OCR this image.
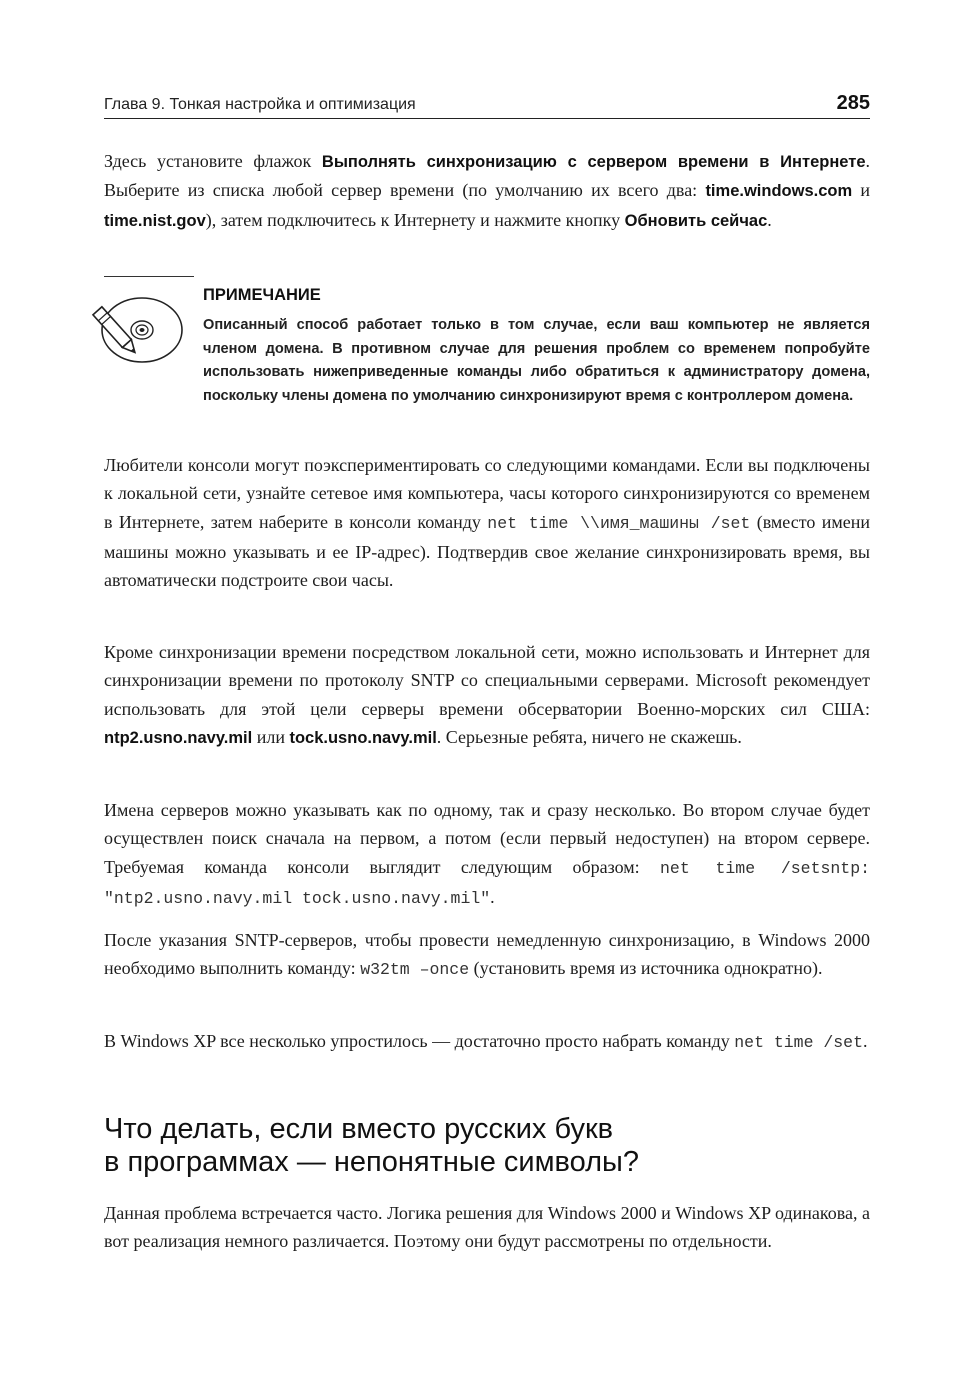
Глава 9. Тонкая настройка и оптимизация	285

Здесь установите флажок Выполнять синхронизацию с сервером времени в Интернете. Выберите из списка любой сервер времени (по умолчанию их всего два: time.windows.com и time.nist.gov), затем подключитесь к Интернету и нажмите кнопку Обновить сейчас.

ПРИМЕЧАНИЕ

Описанный способ работает только в том случае, если ваш компьютер не является членом домена. В противном случае для решения проблем со временем попробуйте использовать нижеприведенные команды либо обратиться к администратору домена, поскольку члены домена по умолчанию синхронизируют время с контроллером домена.

Любители консоли могут поэкспериментировать со следующими командами. Если вы подключены к локальной сети, узнайте сетевое имя компьютера, часы которого синхронизируются со временем в Интернете, затем наберите в консоли команду net time \\имя_машины /set (вместо имени машины можно указывать и ее IP-адрес). Подтвердив свое желание синхронизировать время, вы автоматически подстроите свои часы.

Кроме синхронизации времени посредством локальной сети, можно использовать и Интернет для синхронизации времени по протоколу SNTP со специальными серверами. Microsoft рекомендует использовать для этой цели серверы времени обсерватории Военно-морских сил США: ntp2.usno.navy.mil или tock.usno.navy.mil. Серьезные ребята, ничего не скажешь.

Имена серверов можно указывать как по одному, так и сразу несколько. Во втором случае будет осуществлен поиск сначала на первом, а потом (если первый недоступен) на втором сервере. Требуемая команда консоли выглядит следующим образом: net time /setsntp: "ntp2.usno.navy.mil tock.usno.navy.mil".

После указания SNTP-серверов, чтобы провести немедленную синхронизацию, в Windows 2000 необходимо выполнить команду: w32tm –once (установить время из источника однократно).

В Windows XP все несколько упростилось — достаточно просто набрать команду net time /set.

Что делать, если вместо русских букв
в программах — непонятные символы?

Данная проблема встречается часто. Логика решения для Windows 2000 и Windows XP одинакова, а вот реализация немного различается. Поэтому они будут рассмотрены по отдельности.
